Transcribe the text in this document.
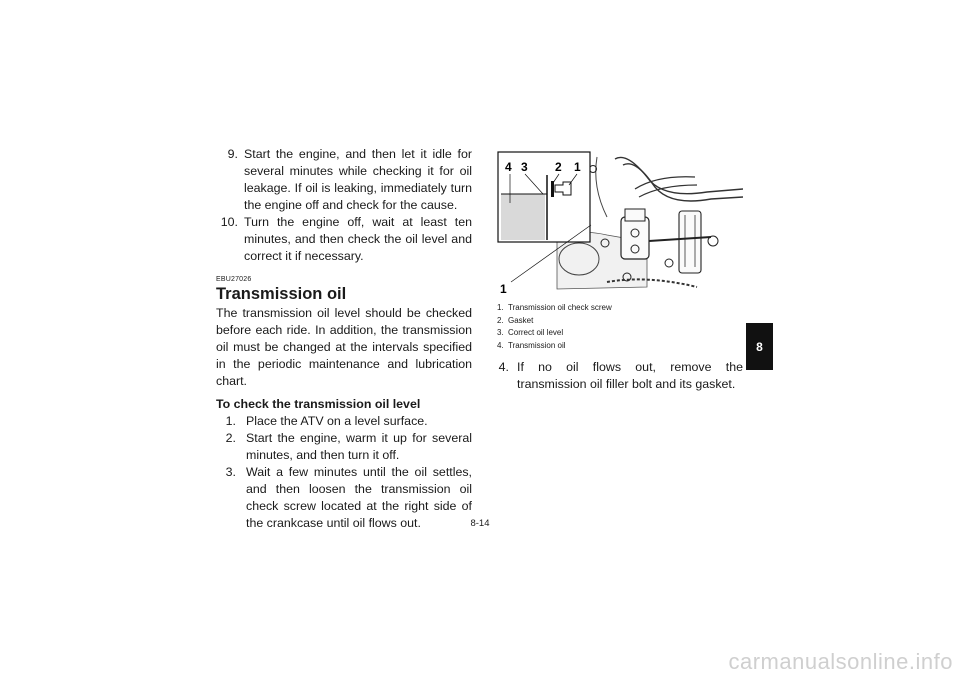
9. Start the engine, and then let it idle for several minutes while checking it for oil leakage. If oil is leaking, immediately turn the engine off and check for the cause.

10. Turn the engine off, wait at least ten minutes, and then check the oil level and correct it if necessary.

EBU27026
Transmission oil

The transmission oil level should be checked before each ride. In addition, the transmission oil must be changed at the intervals specified in the periodic maintenance and lubrication chart.

To check the transmission oil level

1. Place the ATV on a level surface.

2. Start the engine, warm it up for several minutes, and then turn it off.

3. Wait a few minutes until the oil settles, and then loosen the transmission oil check screw located at the right side of the crankcase until oil flows out.

4 3 2 1
1
1. Transmission oil check screw
2. Gasket
3. Correct oil level
4. Transmission oil

4. If no oil flows out, remove the transmission oil filler bolt and its gasket.

8
8-14
carmanualsonline.info
